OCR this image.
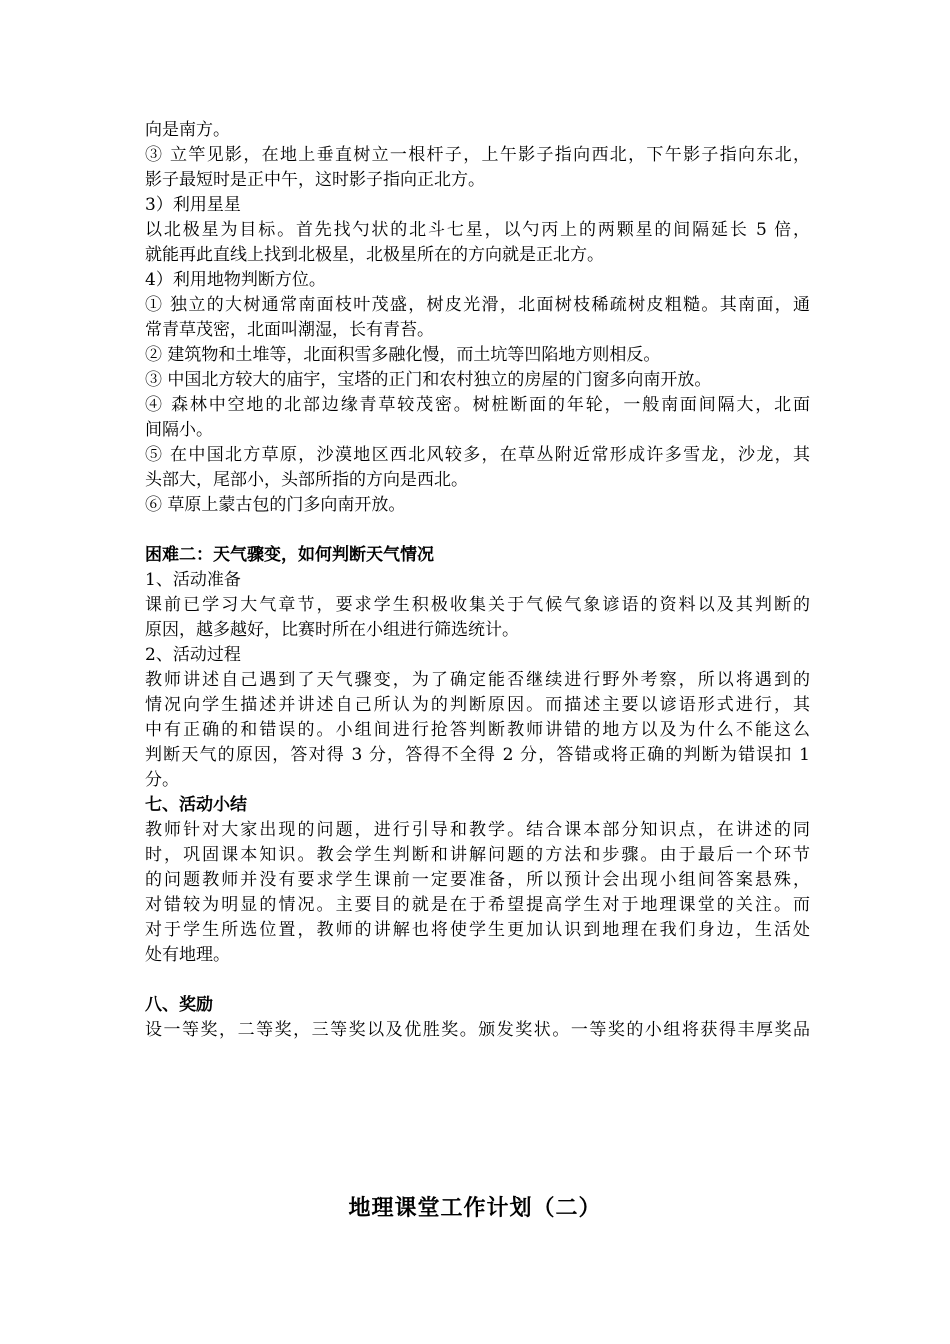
向是南方。
③ 立竿见影，在地上垂直树立一根杆子，上午影子指向西北，下午影子指向东北，
影子最短时是正中午，这时影子指向正北方。
3）利用星星
以北极星为目标。首先找勺状的北斗七星，以勺丙上的两颗星的间隔延长 5 倍，
就能再此直线上找到北极星，北极星所在的方向就是正北方。
4）利用地物判断方位。
① 独立的大树通常南面枝叶茂盛，树皮光滑，北面树枝稀疏树皮粗糙。其南面，通
常青草茂密，北面叫潮湿，长有青苔。
② 建筑物和土堆等，北面积雪多融化慢，而土坑等凹陷地方则相反。
③ 中国北方较大的庙宇，宝塔的正门和农村独立的房屋的门窗多向南开放。
④ 森林中空地的北部边缘青草较茂密。树桩断面的年轮，一般南面间隔大，北面
间隔小。
⑤ 在中国北方草原，沙漠地区西北风较多，在草丛附近常形成许多雪龙，沙龙，其
头部大，尾部小，头部所指的方向是西北。
⑥ 草原上蒙古包的门多向南开放。
困难二：天气骤变，如何判断天气情况
1、活动准备
课前已学习大气章节，要求学生积极收集关于气候气象谚语的资料以及其判断的
原因，越多越好，比赛时所在小组进行筛选统计。
2、活动过程
教师讲述自己遇到了天气骤变，为了确定能否继续进行野外考察，所以将遇到的
情况向学生描述并讲述自己所认为的判断原因。而描述主要以谚语形式进行，其
中有正确的和错误的。小组间进行抢答判断教师讲错的地方以及为什么不能这么
判断天气的原因，答对得 3 分，答得不全得 2 分，答错或将正确的判断为错误扣 1
分。
七、活动小结
教师针对大家出现的问题，进行引导和教学。结合课本部分知识点，在讲述的同
时，巩固课本知识。教会学生判断和讲解问题的方法和步骤。由于最后一个环节
的问题教师并没有要求学生课前一定要准备，所以预计会出现小组间答案悬殊，
对错较为明显的情况。主要目的就是在于希望提高学生对于地理课堂的关注。而
对于学生所选位置，教师的讲解也将使学生更加认识到地理在我们身边，生活处
处有地理。
八、奖励
设一等奖，二等奖，三等奖以及优胜奖。颁发奖状。一等奖的小组将获得丰厚奖品
地理课堂工作计划（二）
